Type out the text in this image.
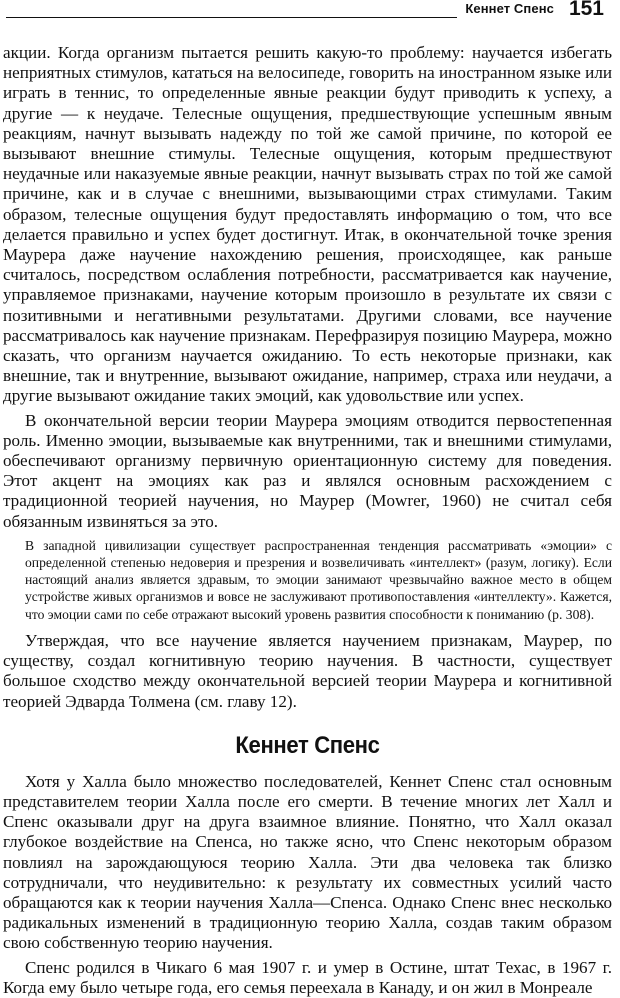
Кеннет Спенс 151

акции. Когда организм пытается решить какую-то проблему: научается избегать неприятных стимулов, кататься на велосипеде, говорить на иностранном языке или играть в теннис, то определенные явные реакции будут приводить к успеху, а другие — к неудаче. Телесные ощущения, предшествующие успешным явным реакциям, начнут вызывать надежду по той же самой причине, по которой ее вызывают внешние стимулы. Телесные ощущения, которым предшествуют неудачные или наказуемые явные реакции, начнут вызывать страх по той же самой причине, как и в случае с внешними, вызывающими страх стимулами. Таким образом, телесные ощущения будут предоставлять информацию о том, что все делается правильно и успех будет достигнут. Итак, в окончательной точке зрения Маурера даже научение нахождению решения, происходящее, как раньше считалось, посредством ослабления потребности, рассматривается как научение, управляемое признаками, научение которым произошло в результате их связи с позитивными и негативными результатами. Другими словами, все научение рассматривалось как научение признакам. Перефразируя позицию Маурера, можно сказать, что организм научается ожиданию. То есть некоторые признаки, как внешние, так и внутренние, вызывают ожидание, например, страха или неудачи, а другие вызывают ожидание таких эмоций, как удовольствие или успех.

В окончательной версии теории Маурера эмоциям отводится первостепенная роль. Именно эмоции, вызываемые как внутренними, так и внешними стимулами, обеспечивают организму первичную ориентационную систему для поведения. Этот акцент на эмоциях как раз и являлся основным расхождением с традиционной теорией научения, но Маурер (Mowrer, 1960) не считал себя обязанным извиняться за это.

В западной цивилизации существует распространенная тенденция рассматривать «эмоции» с определенной степенью недоверия и презрения и возвеличивать «интеллект» (разум, логику). Если настоящий анализ является здравым, то эмоции занимают чрезвычайно важное место в общем устройстве живых организмов и вовсе не заслуживают противопоставления «интеллекту». Кажется, что эмоции сами по себе отражают высокий уровень развития способности к пониманию (р. 308).

Утверждая, что все научение является научением признакам, Маурер, по существу, создал когнитивную теорию научения. В частности, существует большое сходство между окончательной версией теории Маурера и когнитивной теорией Эдварда Толмена (см. главу 12).

Кеннет Спенс

Хотя у Халла было множество последователей, Кеннет Спенс стал основным представителем теории Халла после его смерти. В течение многих лет Халл и Спенс оказывали друг на друга взаимное влияние. Понятно, что Халл оказал глубокое воздействие на Спенса, но также ясно, что Спенс некоторым образом повлиял на зарождающуюся теорию Халла. Эти два человека так близко сотрудничали, что неудивительно: к результату их совместных усилий часто обращаются как к теории научения Халла—Спенса. Однако Спенс внес несколько радикальных изменений в традиционную теорию Халла, создав таким образом свою собственную теорию научения.

Спенс родился в Чикаго 6 мая 1907 г. и умер в Остине, штат Техас, в 1967 г. Когда ему было четыре года, его семья переехала в Канаду, и он жил в Монреале
